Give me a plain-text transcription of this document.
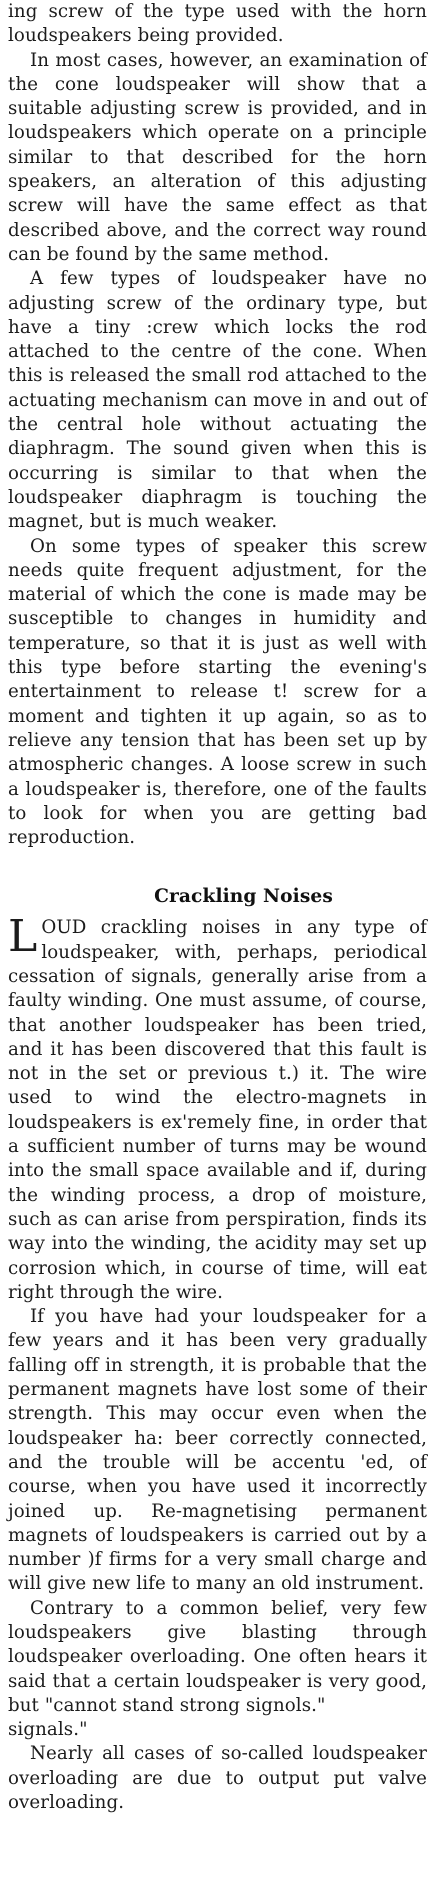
ing screw of the type used with the horn loudspeakers being provided.

In most cases, however, an examination of the cone loudspeaker will show that a suitable adjusting screw is provided, and in loudspeakers which operate on a principle similar to that described for the horn speakers, an alteration of this adjusting screw will have the same effect as that described above, and the correct way round can be found by the same method.

A few types of loudspeaker have no adjusting screw of the ordinary type, but have a tiny :crew which locks the rod attached to the centre of the cone. When this is released the small rod attached to the actuating mechanism can move in and out of the central hole without actuating the diaphragm. The sound given when this is occurring is similar to that when the loudspeaker diaphragm is touching the magnet, but is much weaker.

On some types of speaker this screw needs quite frequent adjustment, for the material of which the cone is made may be susceptible to changes in humidity and temperature, so that it is just as well with this type before starting the evening's entertainment to release t! screw for a moment and tighten it up again, so as to relieve any tension that has been set up by atmospheric changes. A loose screw in such a loudspeaker is, therefore, one of the faults to look for when you are getting bad reproduction.

Crackling Noises

LOUD crackling noises in any type of loudspeaker, with, perhaps, periodical cessation of signals, generally arise from a faulty winding. One must assume, of course, that another loudspeaker has been tried, and it has been discovered that this fault is not in the set or previous t.) it. The wire used to wind the electro-magnets in loudspeakers is ex'remely fine, in order that a sufficient number of turns may be wound into the small space available and if, during the winding process, a drop of moisture, such as can arise from perspiration, finds its way into the winding, the acidity may set up corrosion which, in course of time, will eat right through the wire.

If you have had your loudspeaker for a few years and it has been very gradually falling off in strength, it is probable that the permanent magnets have lost some of their strength. This may occur even when the loudspeaker ha: beer correctly connected, and the trouble will be accentu 'ed, of course, when you have used it incorrectly joined up. Re-magnetising permanent magnets of loudspeakers is carried out by a number )f firms for a very small charge and will give new life to many an old instrument.

Contrary to a common belief, very few loudspeakers give blasting through loudspeaker overloading. One often hears it said that a certain loudspeaker is very good, but "cannot stand strong signols."

signals."

Nearly all cases of so-called loudspeaker overloading are due to output put valve overloading.
